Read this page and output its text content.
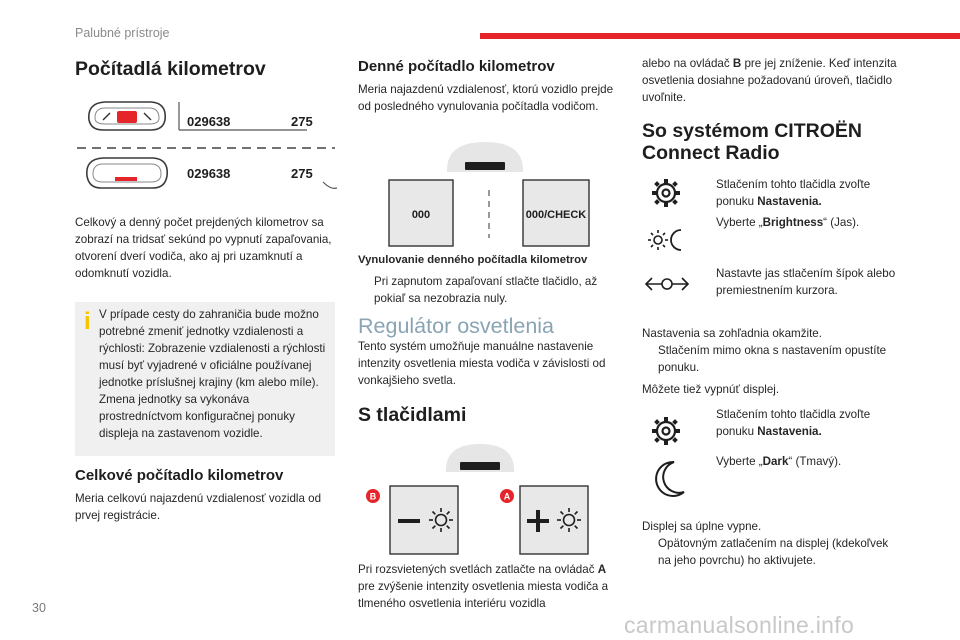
Palubné prístroje
Počítadlá kilometrov
029638	275
029638	275
Celkový a denný počet prejdených kilometrov sa zobrazí na tridsať sekúnd po vypnutí zapaľovania, otvorení dverí vodiča, ako aj pri uzamknutí a odomknutí vozidla.
i V prípade cesty do zahraničia bude možno potrebné zmeniť jednotky vzdialenosti a rýchlosti: Zobrazenie vzdialenosti a rýchlosti musí byť vyjadrené v oficiálne používanej jednotke príslušnej krajiny (km alebo míle). Zmena jednotky sa vykonáva prostredníctvom konfiguračnej ponuky displeja na zastavenom vozidle.
Celkové počítadlo kilometrov
Meria celkovú najazdenú vzdialenosť vozidla od prvej registrácie.
Denné počítadlo kilometrov
Meria najazdenú vzdialenosť, ktorú vozidlo prejde od posledného vynulovania počítadla vodičom.
000	000/CHECK
Vynulovanie denného počítadla kilometrov
Pri zapnutom zapaľovaní stlačte tlačidlo, až pokiaľ sa nezobrazia nuly.
Regulátor osvetlenia
Tento systém umožňuje manuálne nastavenie intenzity osvetlenia miesta vodiča v závislosti od vonkajšieho svetla.
S tlačidlami
B	A
Pri rozsvietených svetlách zatlačte na ovládač A pre zvýšenie intenzity osvetlenia miesta vodiča a tlmeného osvetlenia interiéru vozidla
alebo na ovládač B pre jej zníženie. Keď intenzita osvetlenia dosiahne požadovanú úroveň, tlačidlo uvoľnite.
So systémom CITROËN Connect Radio
Stlačením tohto tlačidla zvoľte ponuku Nastavenia.
Vyberte „Brightness“ (Jas).
Nastavte jas stlačením šípok alebo premiestnením kurzora.
Nastavenia sa zohľadnia okamžite.
Stlačením mimo okna s nastavením opustíte ponuku.
Môžete tiež vypnúť displej.
Stlačením tohto tlačidla zvoľte ponuku Nastavenia.
Vyberte „Dark“ (Tmavý).
Displej sa úplne vypne.
Opätovným zatlačením na displej (kdekoľvek na jeho povrchu) ho aktivujete.
30
carmanualsonline.info
